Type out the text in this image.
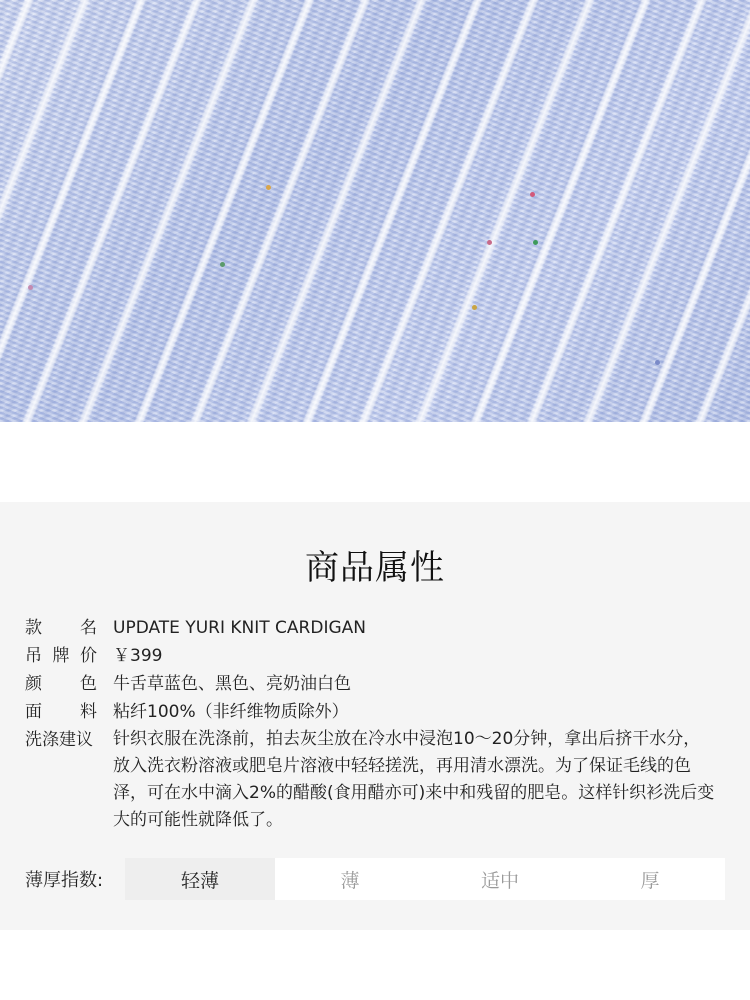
商品属性
款 名 UPDATE YURI KNIT CARDIGAN
吊 牌 价 ￥399
颜 色 牛舌草蓝色、黑色、亮奶油白色
面 料 粘纤100%（非纤维物质除外）
洗涤建议	针织衣服在洗涤前，拍去灰尘放在冷水中浸泡10～20分钟，拿出后挤干水分，放入洗衣粉溶液或肥皂片溶液中轻轻搓洗，再用清水漂洗。为了保证毛线的色泽，可在水中滴入2%的醋酸(食用醋亦可)来中和残留的肥皂。这样针织衫洗后变大的可能性就降低了。
薄厚指数:	轻薄	薄	适中	厚
